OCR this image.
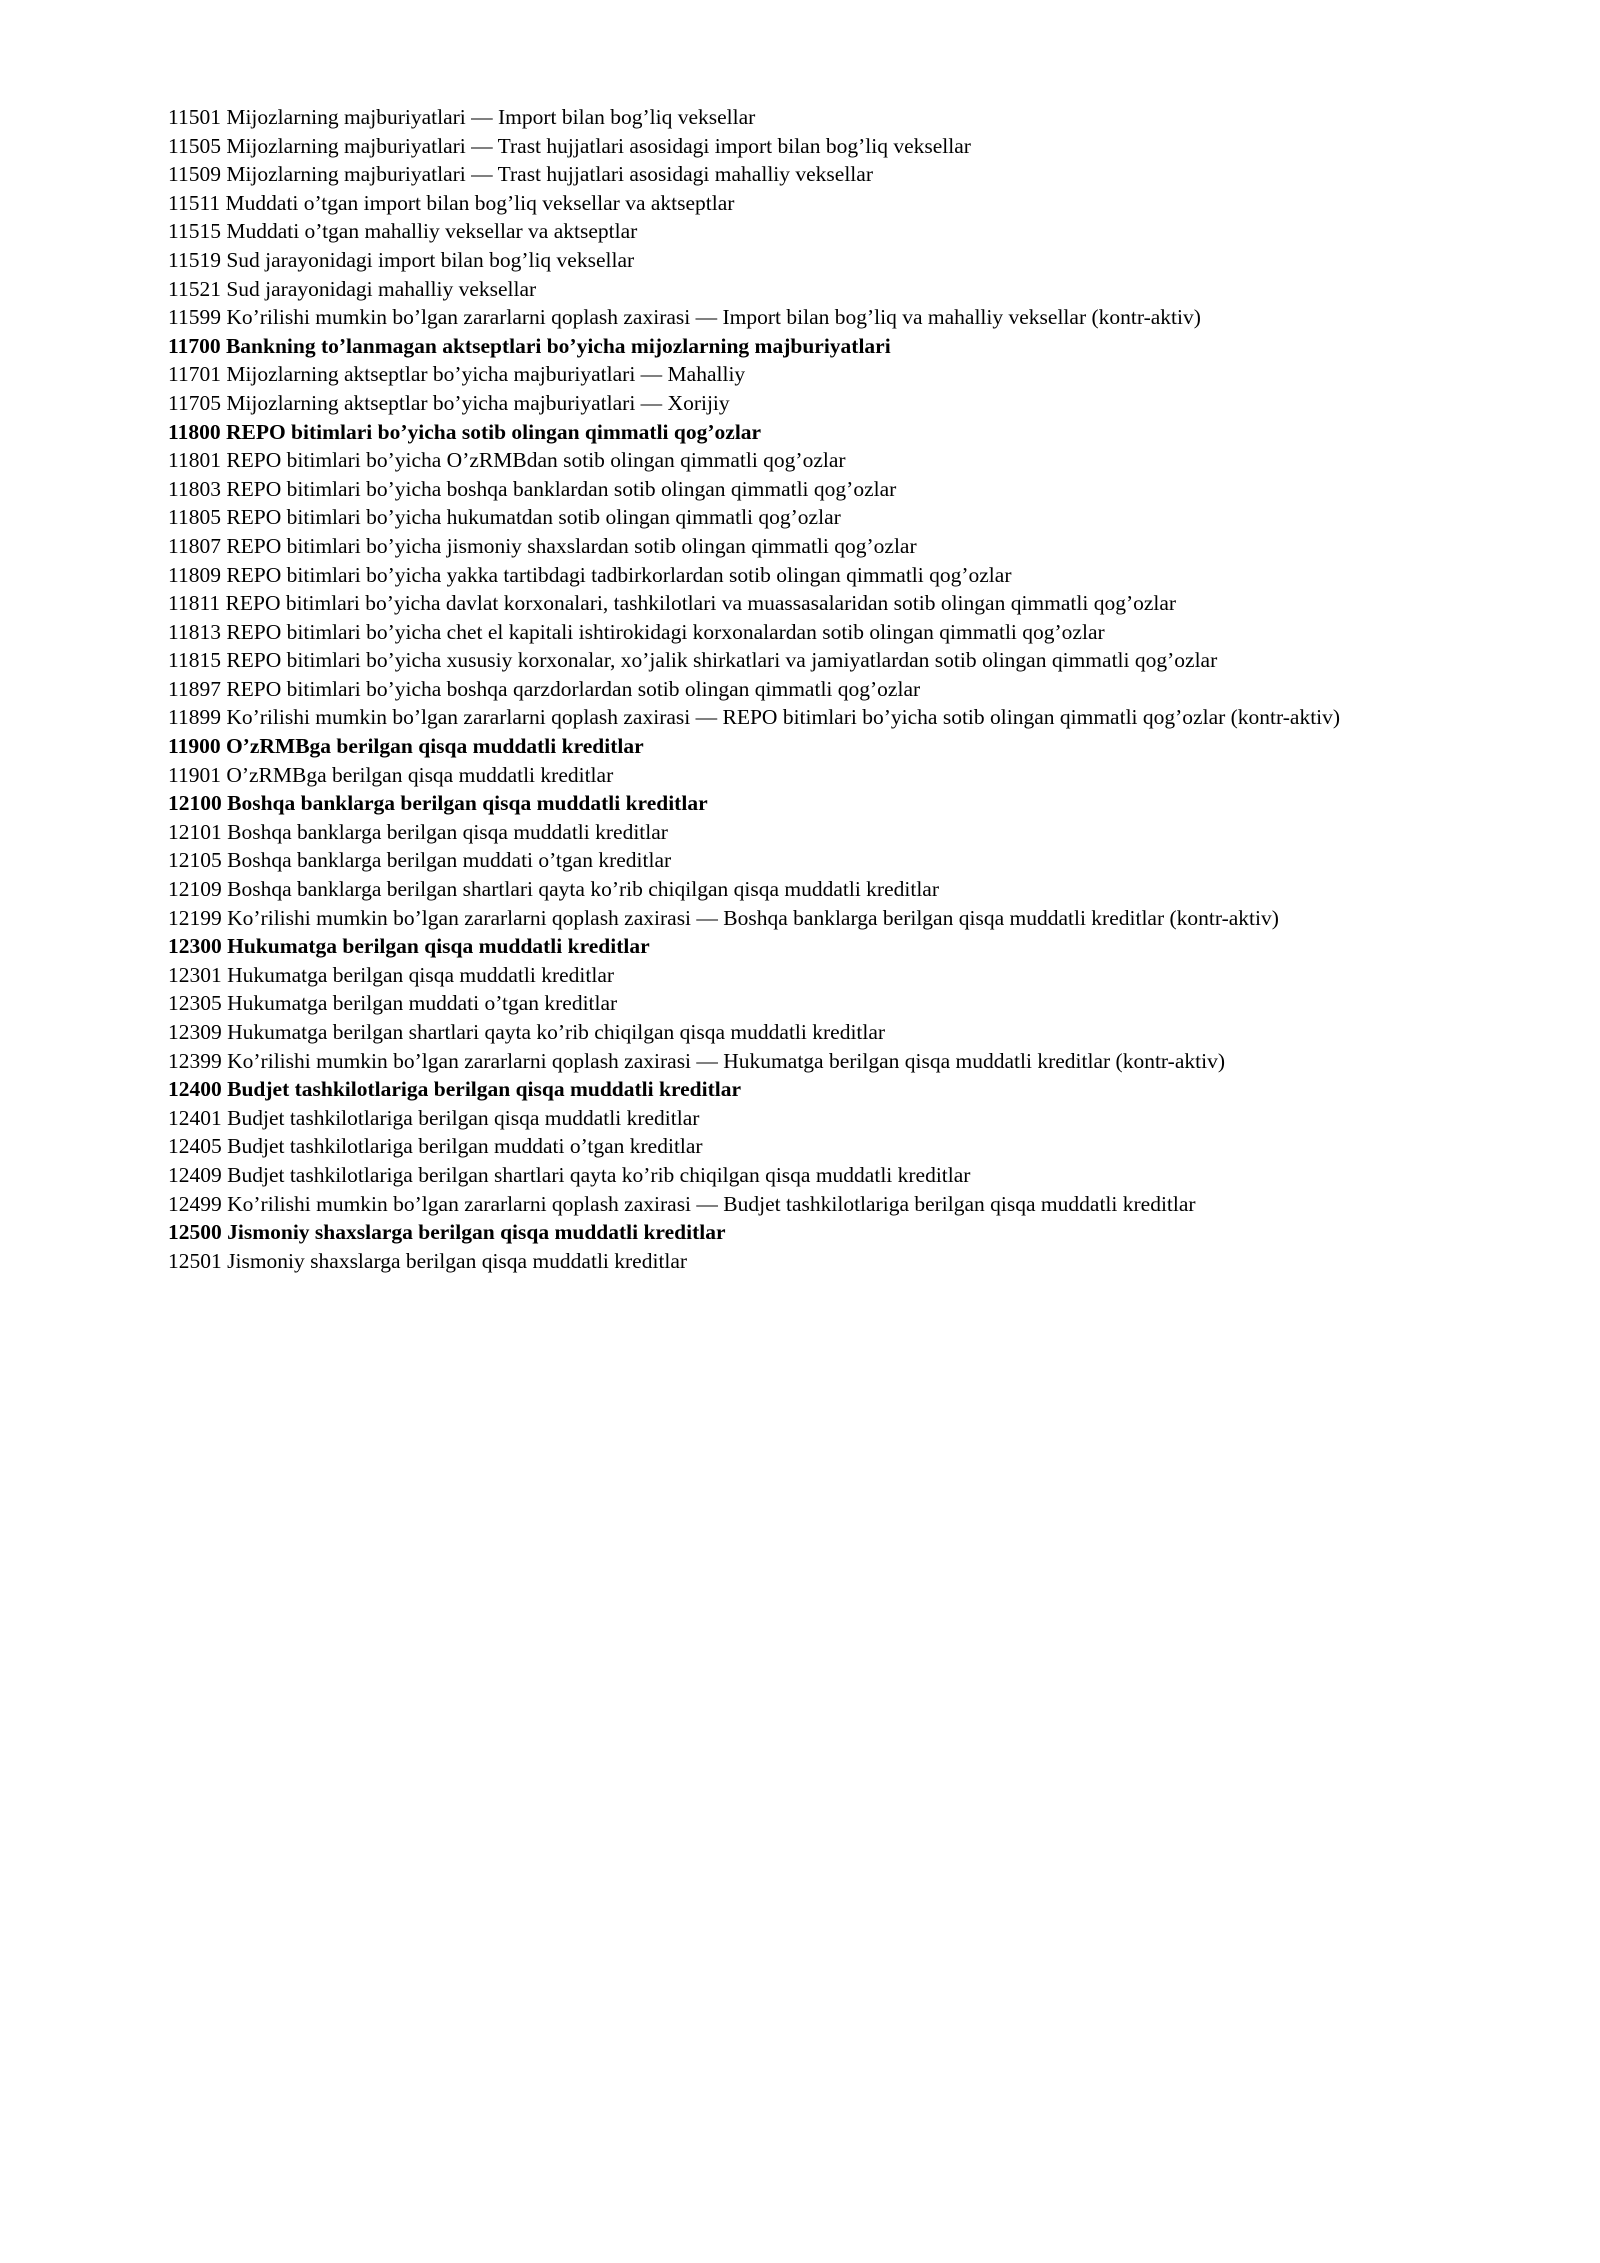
11501 Mijozlarning majburiyatlari — Import bilan bog’liq veksellar

11505 Mijozlarning majburiyatlari — Trast hujjatlari asosidagi import bilan bog’liq veksellar

11509 Mijozlarning majburiyatlari — Trast hujjatlari asosidagi mahalliy veksellar

11511 Muddati o’tgan import bilan bog’liq veksellar va aktseptlar

11515 Muddati o’tgan mahalliy veksellar va aktseptlar

11519 Sud jarayonidagi import bilan bog’liq veksellar

11521 Sud jarayonidagi mahalliy veksellar

11599 Ko’rilishi mumkin bo’lgan zararlarni qoplash zaxirasi — Import bilan bog’liq va mahalliy veksellar (kontr-aktiv)

11700 Bankning to’lanmagan aktseptlari bo’yicha mijozlarning majburiyatlari

11701 Mijozlarning aktseptlar bo’yicha majburiyatlari — Mahalliy

11705 Mijozlarning aktseptlar bo’yicha majburiyatlari — Xorijiy

11800 REPO bitimlari bo’yicha sotib olingan qimmatli qog’ozlar

11801 REPO bitimlari bo’yicha O’zRMBdan sotib olingan qimmatli qog’ozlar

11803 REPO bitimlari bo’yicha boshqa banklardan sotib olingan qimmatli qog’ozlar

11805 REPO bitimlari bo’yicha hukumatdan sotib olingan qimmatli qog’ozlar

11807 REPO bitimlari bo’yicha jismoniy shaxslardan sotib olingan qimmatli qog’ozlar

11809 REPO bitimlari bo’yicha yakka tartibdagi tadbirkorlardan sotib olingan qimmatli qog’ozlar

11811 REPO bitimlari bo’yicha davlat korxonalari, tashkilotlari va muassasalaridan sotib olingan qimmatli qog’ozlar

11813 REPO bitimlari bo’yicha chet el kapitali ishtirokidagi korxonalardan sotib olingan qimmatli qog’ozlar

11815 REPO bitimlari bo’yicha xususiy korxonalar, xo’jalik shirkatlari va jamiyatlardan sotib olingan qimmatli qog’ozlar

11897 REPO bitimlari bo’yicha boshqa qarzdorlardan sotib olingan qimmatli qog’ozlar

11899 Ko’rilishi mumkin bo’lgan zararlarni qoplash zaxirasi — REPO bitimlari bo’yicha sotib olingan qimmatli qog’ozlar (kontr-aktiv)

11900 O’zRMBga berilgan qisqa muddatli kreditlar

11901 O’zRMBga berilgan qisqa muddatli kreditlar

12100 Boshqa banklarga berilgan qisqa muddatli kreditlar

12101 Boshqa banklarga berilgan qisqa muddatli kreditlar

12105 Boshqa banklarga berilgan muddati o’tgan kreditlar

12109 Boshqa banklarga berilgan shartlari qayta ko’rib chiqilgan qisqa muddatli kreditlar

12199 Ko’rilishi mumkin bo’lgan zararlarni qoplash zaxirasi — Boshqa banklarga berilgan qisqa muddatli kreditlar (kontr-aktiv)

12300 Hukumatga berilgan qisqa muddatli kreditlar

12301 Hukumatga berilgan qisqa muddatli kreditlar

12305 Hukumatga berilgan muddati o’tgan kreditlar

12309 Hukumatga berilgan shartlari qayta ko’rib chiqilgan qisqa muddatli kreditlar

12399 Ko’rilishi mumkin bo’lgan zararlarni qoplash zaxirasi — Hukumatga berilgan qisqa muddatli kreditlar (kontr-aktiv)

12400 Budjet tashkilotlariga berilgan qisqa muddatli kreditlar

12401 Budjet tashkilotlariga berilgan qisqa muddatli kreditlar

12405 Budjet tashkilotlariga berilgan muddati o’tgan kreditlar

12409 Budjet tashkilotlariga berilgan shartlari qayta ko’rib chiqilgan qisqa muddatli kreditlar

12499 Ko’rilishi mumkin bo’lgan zararlarni qoplash zaxirasi — Budjet tashkilotlariga berilgan qisqa muddatli kreditlar

12500 Jismoniy shaxslarga berilgan qisqa muddatli kreditlar

12501 Jismoniy shaxslarga berilgan qisqa muddatli kreditlar
